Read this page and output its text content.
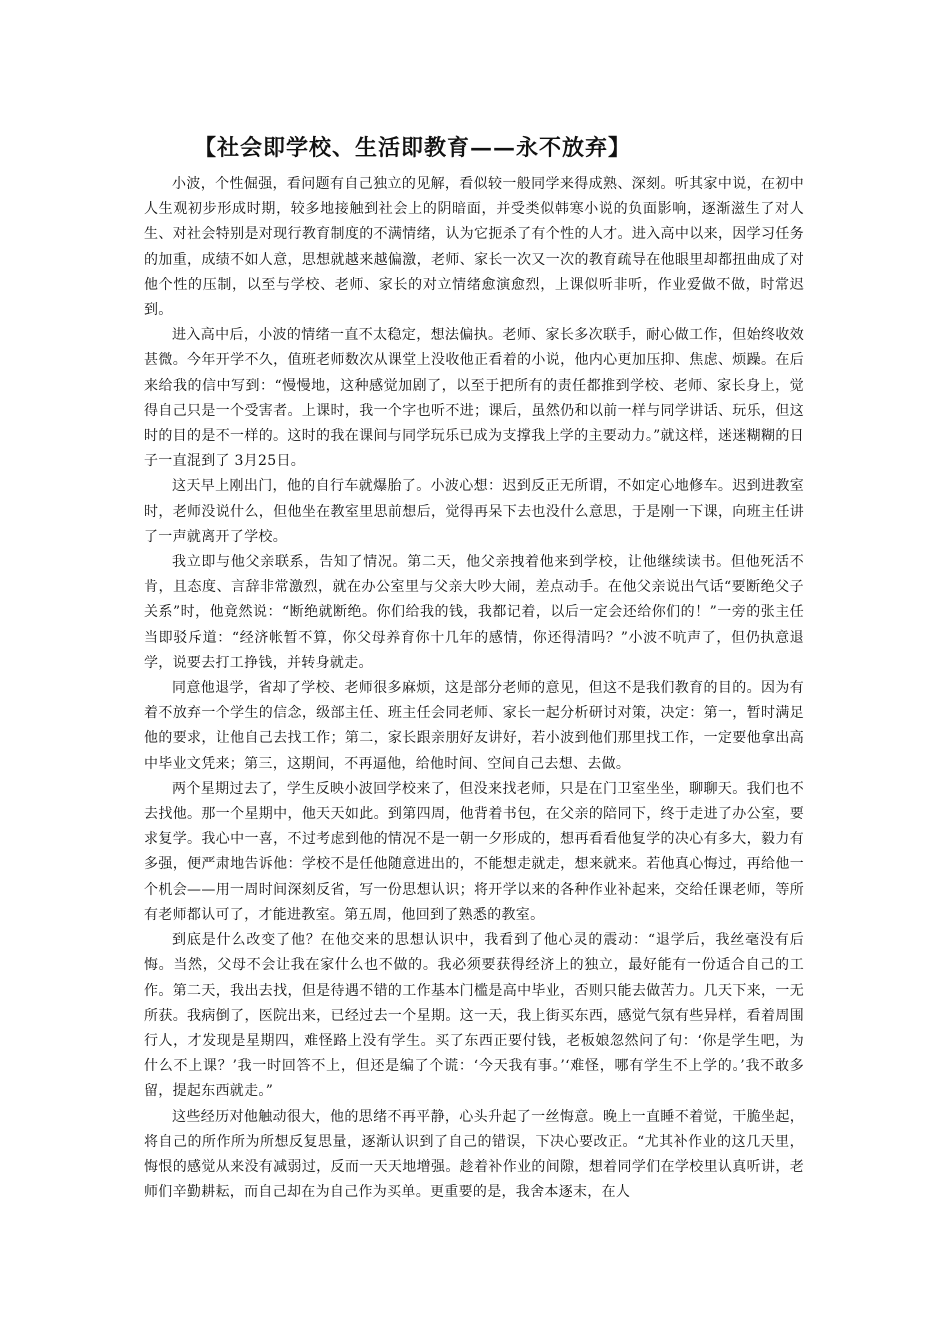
【社会即学校、生活即教育——永不放弃】

小波，个性倔强，看问题有自己独立的见解，看似较一般同学来得成熟、深刻。听其家中说，在初中人生观初步形成时期，较多地接触到社会上的阴暗面，并受类似韩寒小说的负面影响，逐渐滋生了对人生、对社会特别是对现行教育制度的不满情绪，认为它扼杀了有个性的人才。进入高中以来，因学习任务的加重，成绩不如人意，思想就越来越偏激，老师、家长一次又一次的教育疏导在他眼里却都扭曲成了对他个性的压制，以至与学校、老师、家长的对立情绪愈演愈烈，上课似听非听，作业爱做不做，时常迟到。

进入高中后，小波的情绪一直不太稳定，想法偏执。老师、家长多次联手，耐心做工作，但始终收效甚微。今年开学不久，值班老师数次从课堂上没收他正看着的小说，他内心更加压抑、焦虑、烦躁。在后来给我的信中写到：“慢慢地，这种感觉加剧了，以至于把所有的责任都推到学校、老师、家长身上，觉得自己只是一个受害者。上课时，我一个字也听不进；课后，虽然仍和以前一样与同学讲话、玩乐，但这时的目的是不一样的。这时的我在课间与同学玩乐已成为支撑我上学的主要动力。”就这样，迷迷糊糊的日子一直混到了 3月25日。

这天早上刚出门，他的自行车就爆胎了。小波心想：迟到反正无所谓，不如定心地修车。迟到进教室时，老师没说什么，但他坐在教室里思前想后，觉得再呆下去也没什么意思，于是刚一下课，向班主任讲了一声就离开了学校。

我立即与他父亲联系，告知了情况。第二天，他父亲拽着他来到学校，让他继续读书。但他死活不肯，且态度、言辞非常激烈，就在办公室里与父亲大吵大闹，差点动手。在他父亲说出气话“要断绝父子关系”时，他竟然说：“断绝就断绝。你们给我的钱，我都记着，以后一定会还给你们的！”一旁的张主任当即驳斥道：“经济帐暂不算，你父母养育你十几年的感情，你还得清吗？”小波不吭声了，但仍执意退学，说要去打工挣钱，并转身就走。

同意他退学，省却了学校、老师很多麻烦，这是部分老师的意见，但这不是我们教育的目的。因为有着不放弃一个学生的信念，级部主任、班主任会同老师、家长一起分析研讨对策，决定：第一，暂时满足他的要求，让他自己去找工作；第二，家长跟亲朋好友讲好，若小波到他们那里找工作，一定要他拿出高中毕业文凭来；第三，这期间，不再逼他，给他时间、空间自己去想、去做。

两个星期过去了，学生反映小波回学校来了，但没来找老师，只是在门卫室坐坐，聊聊天。我们也不去找他。那一个星期中，他天天如此。到第四周，他背着书包，在父亲的陪同下，终于走进了办公室，要求复学。我心中一喜，不过考虑到他的情况不是一朝一夕形成的，想再看看他复学的决心有多大，毅力有多强，便严肃地告诉他：学校不是任他随意进出的，不能想走就走，想来就来。若他真心悔过，再给他一个机会——用一周时间深刻反省，写一份思想认识；将开学以来的各种作业补起来，交给任课老师，等所有老师都认可了，才能进教室。第五周，他回到了熟悉的教室。

到底是什么改变了他？在他交来的思想认识中，我看到了他心灵的震动：“退学后，我丝毫没有后悔。当然，父母不会让我在家什么也不做的。我必须要获得经济上的独立，最好能有一份适合自己的工作。第二天，我出去找，但是待遇不错的工作基本门槛是高中毕业，否则只能去做苦力。几天下来，一无所获。我病倒了，医院出来，已经过去一个星期。这一天，我上街买东西，感觉气氛有些异样，看着周围行人，才发现是星期四，难怪路上没有学生。买了东西正要付钱，老板娘忽然问了句：‘你是学生吧，为什么不上课？’我一时回答不上，但还是编了个谎：‘今天我有事。’‘难怪，哪有学生不上学的。’我不敢多留，提起东西就走。”

这些经历对他触动很大，他的思绪不再平静，心头升起了一丝悔意。晚上一直睡不着觉，干脆坐起，将自己的所作所为所想反复思量，逐渐认识到了自己的错误，下决心要改正。“尤其补作业的这几天里，悔恨的感觉从来没有减弱过，反而一天天地增强。趁着补作业的间隙，想着同学们在学校里认真听讲，老师们辛勤耕耘，而自己却在为自己作为买单。更重要的是，我舍本逐末，在人
